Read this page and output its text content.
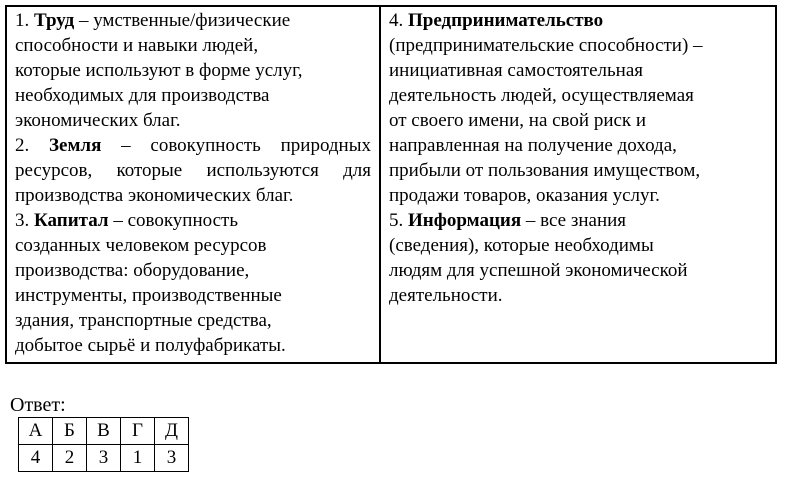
1. Труд – умственные/физические
способности и навыки людей,
которые используют в форме услуг,
необходимых для производства
экономических благ.
2. Земля – совокупность природных
ресурсов, которые используются для
производства экономических благ.
3. Капитал – совокупность
созданных человеком ресурсов
производства: оборудование,
инструменты, производственные
здания, транспортные средства,
добытое сырьё и полуфабрикаты.

4. Предпринимательство
(предпринимательские способности) –
инициативная самостоятельная
деятельность людей, осуществляемая
от своего имени, на свой риск и
направленная на получение дохода,
прибыли от пользования имуществом,
продажи товаров, оказания услуг.
5. Информация – все знания
(сведения), которые необходимы
людям для успешной экономической
деятельности.
Ответ:
А	Б	В	Г	Д
4	2	3	1	3
